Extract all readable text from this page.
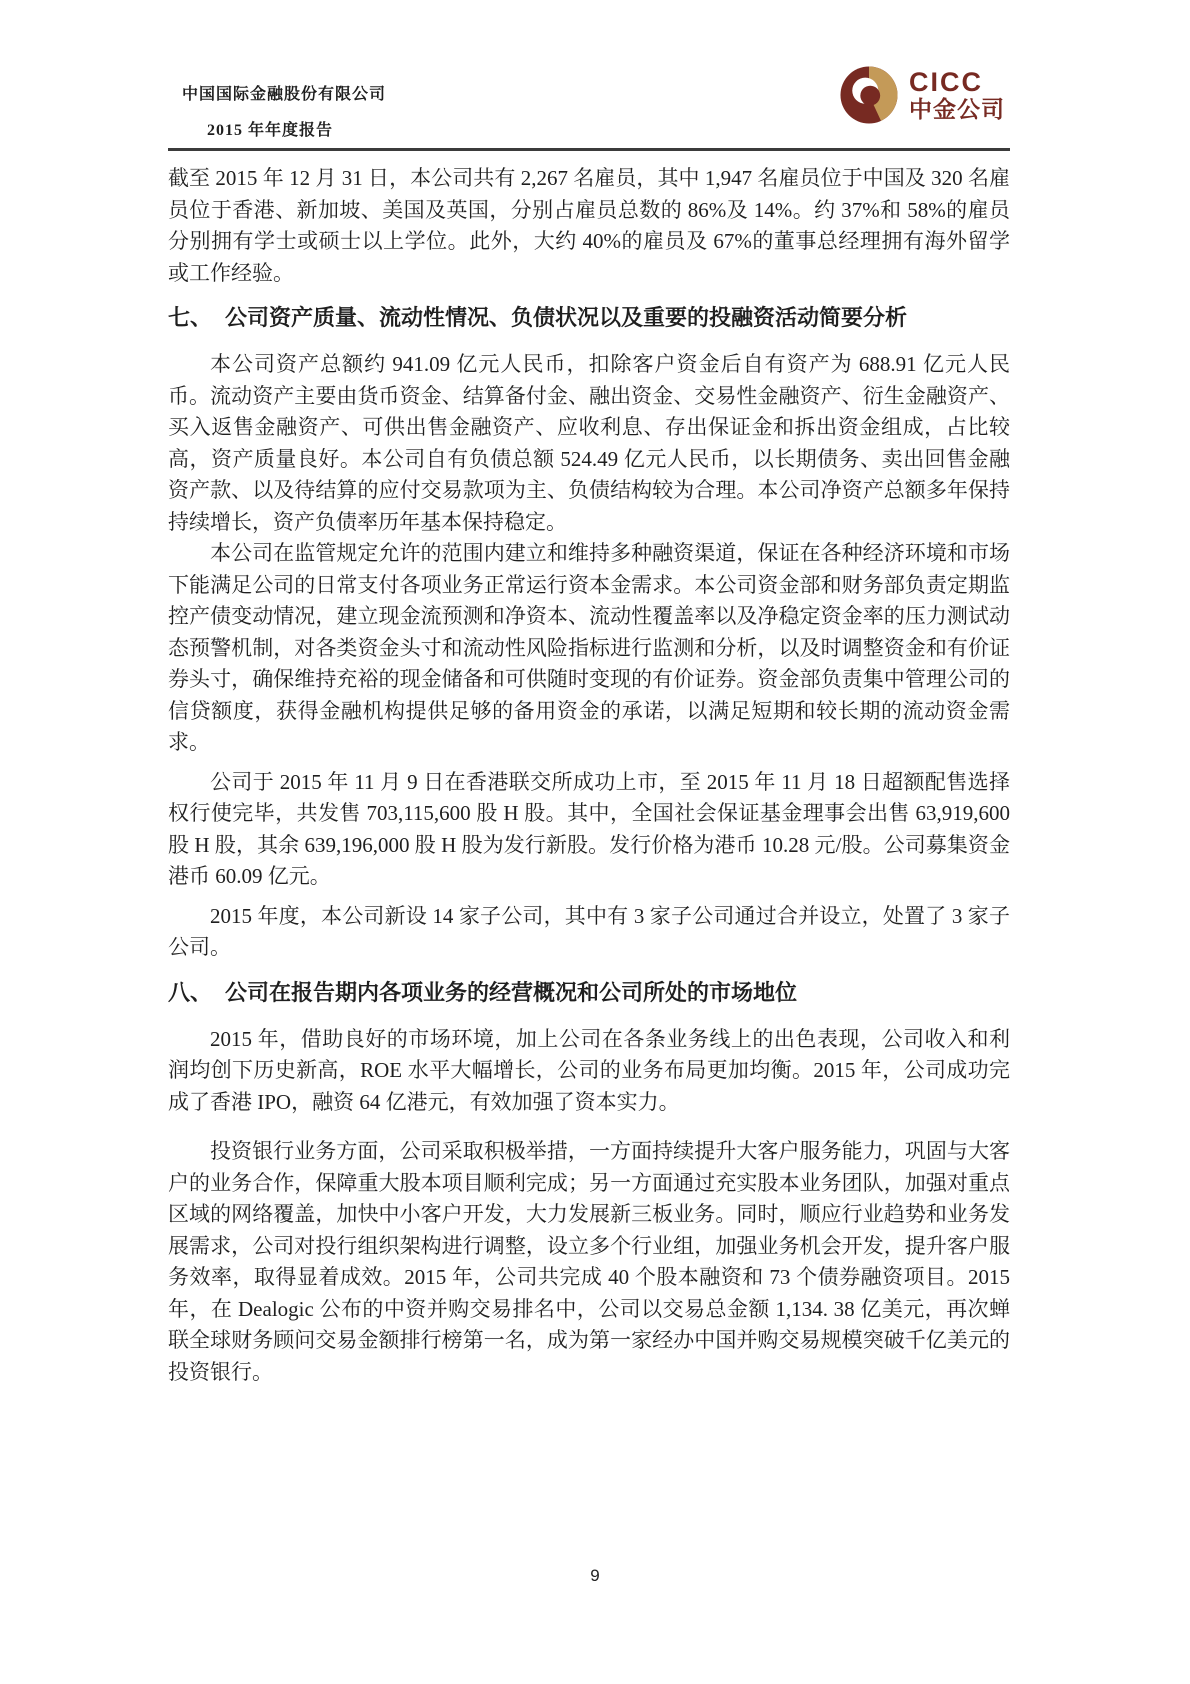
中国国际金融股份有限公司
2015 年年度报告
CICC
中金公司

截至 2015 年 12 月 31 日，本公司共有 2,267 名雇员，其中 1,947 名雇员位于中国及 320 名雇员位于香港、新加坡、美国及英国，分别占雇员总数的 86%及 14%。约 37%和 58%的雇员分别拥有学士或硕士以上学位。此外，大约 40%的雇员及 67%的董事总经理拥有海外留学或工作经验。

七、 公司资产质量、流动性情况、负债状况以及重要的投融资活动简要分析

本公司资产总额约 941.09 亿元人民币，扣除客户资金后自有资产为 688.91 亿元人民币。流动资产主要由货币资金、结算备付金、融出资金、交易性金融资产、衍生金融资产、买入返售金融资产、可供出售金融资产、应收利息、存出保证金和拆出资金组成，占比较高，资产质量良好。本公司自有负债总额 524.49 亿元人民币，以长期债务、卖出回售金融资产款、以及待结算的应付交易款项为主、负债结构较为合理。本公司净资产总额多年保持持续增长，资产负债率历年基本保持稳定。

本公司在监管规定允许的范围内建立和维持多种融资渠道，保证在各种经济环境和市场下能满足公司的日常支付各项业务正常运行资本金需求。本公司资金部和财务部负责定期监控产债变动情况，建立现金流预测和净资本、流动性覆盖率以及净稳定资金率的压力测试动态预警机制，对各类资金头寸和流动性风险指标进行监测和分析，以及时调整资金和有价证券头寸，确保维持充裕的现金储备和可供随时变现的有价证券。资金部负责集中管理公司的信贷额度，获得金融机构提供足够的备用资金的承诺，以满足短期和较长期的流动资金需求。

公司于 2015 年 11 月 9 日在香港联交所成功上市，至 2015 年 11 月 18 日超额配售选择权行使完毕，共发售 703,115,600 股 H 股。其中，全国社会保证基金理事会出售 63,919,600 股 H 股，其余 639,196,000 股 H 股为发行新股。发行价格为港币 10.28 元/股。公司募集资金港币 60.09 亿元。

2015 年度，本公司新设 14 家子公司，其中有 3 家子公司通过合并设立，处置了 3 家子公司。

八、 公司在报告期内各项业务的经营概况和公司所处的市场地位

2015 年，借助良好的市场环境，加上公司在各条业务线上的出色表现，公司收入和利润均创下历史新高，ROE 水平大幅增长，公司的业务布局更加均衡。2015 年，公司成功完成了香港 IPO，融资 64 亿港元，有效加强了资本实力。

投资银行业务方面，公司采取积极举措，一方面持续提升大客户服务能力，巩固与大客户的业务合作，保障重大股本项目顺利完成；另一方面通过充实股本业务团队，加强对重点区域的网络覆盖，加快中小客户开发，大力发展新三板业务。同时，顺应行业趋势和业务发展需求，公司对投行组织架构进行调整，设立多个行业组，加强业务机会开发，提升客户服务效率，取得显着成效。2015 年，公司共完成 40 个股本融资和 73 个债券融资项目。2015 年，在 Dealogic 公布的中资并购交易排名中，公司以交易总金额 1,134. 38 亿美元，再次蝉联全球财务顾问交易金额排行榜第一名，成为第一家经办中国并购交易规模突破千亿美元的投资银行。

9
